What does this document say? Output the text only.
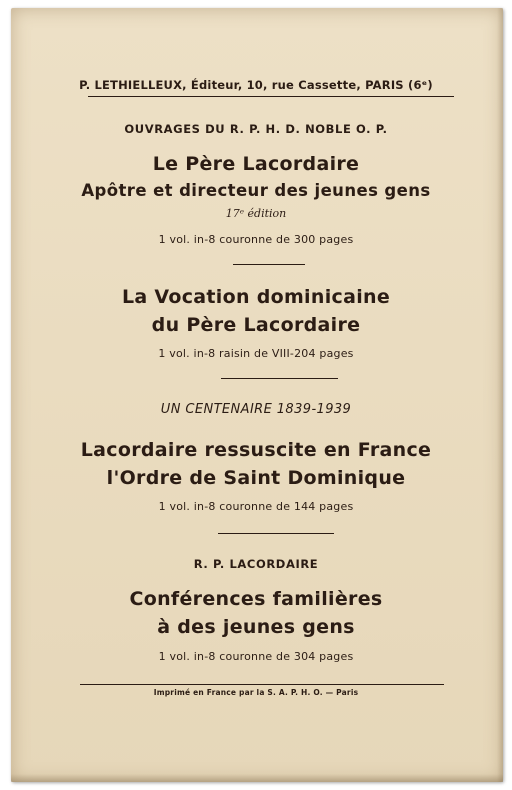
P. LETHIELLEUX, Éditeur, 10, rue Cassette, PARIS (6ᵉ)
OUVRAGES DU R. P. H. D. NOBLE O. P.
Le Père Lacordaire
Apôtre et directeur des jeunes gens
17ᵉ édition
1 vol. in-8 couronne de 300 pages
La Vocation dominicaine
du Père Lacordaire
1 vol. in-8 raisin de VIII-204 pages
UN CENTENAIRE 1839-1939
Lacordaire ressuscite en France
l'Ordre de Saint Dominique
1 vol. in-8 couronne de 144 pages
R. P. LACORDAIRE
Conférences familières
à des jeunes gens
1 vol. in-8 couronne de 304 pages
Imprimé en France par la S. A. P. H. O. — Paris
